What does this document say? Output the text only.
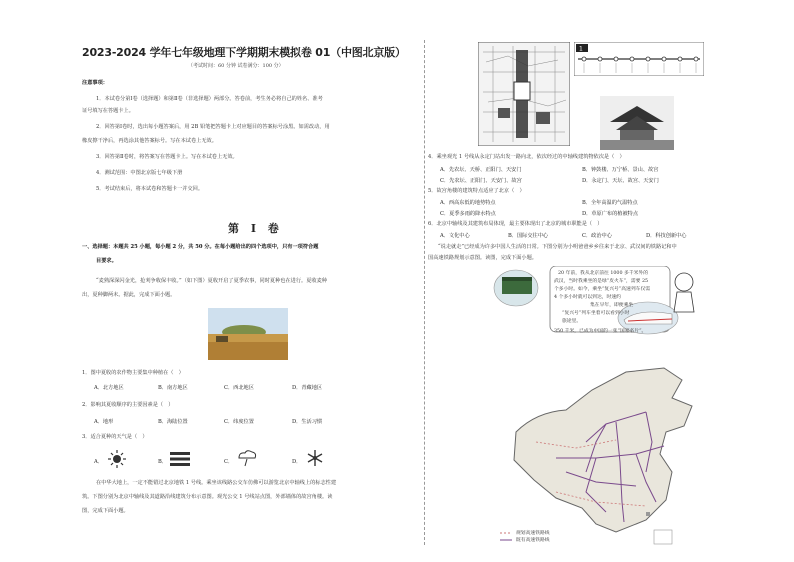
2023-2024 学年七年级地理下学期期末模拟卷 01（中图北京版）
（考试时间：60 分钟 试卷满分：100 分）
注意事项：
1．本试卷分第Ⅰ卷（选择题）和第Ⅱ卷（非选择题）两部分。答卷前，考生务必将自己的姓名、准考
证号填写在答题卡上。
2．回答第Ⅰ卷时，选出每小题答案后，用 2B 铅笔把答题卡上对应题目的答案标号涂黑。如需改动，用
橡皮擦干净后，再选涂其他答案标号。写在本试卷上无效。
3．回答第Ⅱ卷时，将答案写在答题卡上。写在本试卷上无效。
4．测试范围：中图北京版七年级下册
5．考试结束后，将本试卷和答题卡一并交回。
第 Ⅰ 卷
一、选择题：本题共 25 小题，每小题 2 分，共 50 分。在每小题给出的四个选项中，只有一项符合题
目要求。
“麦熟深深闪金光，抢刈争收保丰收。”（如下图）夏收开启了夏季农事，同时夏种也在进行。夏收麦种
出，夏种脚两未。据此，完成下面小题。
1．图中夏收的农作物主要集中种植在（　）
A．北方地区	B．南方地区	C．西北地区	D．青藏地区
2．影响其夏收顺序的主要因素是（　）
A．地形	B．海陆位置	C．纬度位置	D．生活习惯
3．适合夏种的天气是（　）
A．	B．	C．	D．
在中华大地上，一定不能错过北京地铁 1 号线。乘坐该线路公交车仿佛可以游览北京中轴线上的标志性建
筑。下图分别为北京中轴线及其道路沿线建筑分布示意图。观光公交 1 号线站点图，外部墙体的故宫角楼。读
图，完成下面小题。
1
4．乘坐观光 1 号线从永定门站出发一路向北，依次经过的中轴线建筑物依次是（　）
A．先农坛、天桥、正阳门、天安门	B．钟鼓楼、万宁桥、景山、故宫
C．先农坛、正阳门、天安门、故宫	D．永定门、天坛、故宫、天安门
5．故宫角楼的建筑特点适应了北京（　）
A．西高东低的地势特点	B．全年高温的气温特点
C．夏季多雨的降水特点	D．草原广布的植被特点
6．北京中轴线及其建筑布局体现，最主要体现出了北京的城市职能是（　）
A．文化中心	B．国际交往中心	C．政治中心	D．科技创新中心
“说走就走”已经成为许多中国人生活的日常。下图分别为小明爸爸乡乡往来于北京、武汉间的铁路记和中
国高速铁路规划示意图。读图，完成下面小题。
20 年前，我从北京前往 1000 多千米外的
武汉，当时我乘坐的是绿“皮火车”，需要 25
个多小时。如今，乘坐“复兴号”高速列车仅需
4 个多小时就可以到达，时速约
350 千米，已成为中国的一张“国家名片”。
集在早年，即便乘坐
“复兴号”列车坐着可以看到小时
旅途里。
规划高速铁路线
既有高速铁路线
